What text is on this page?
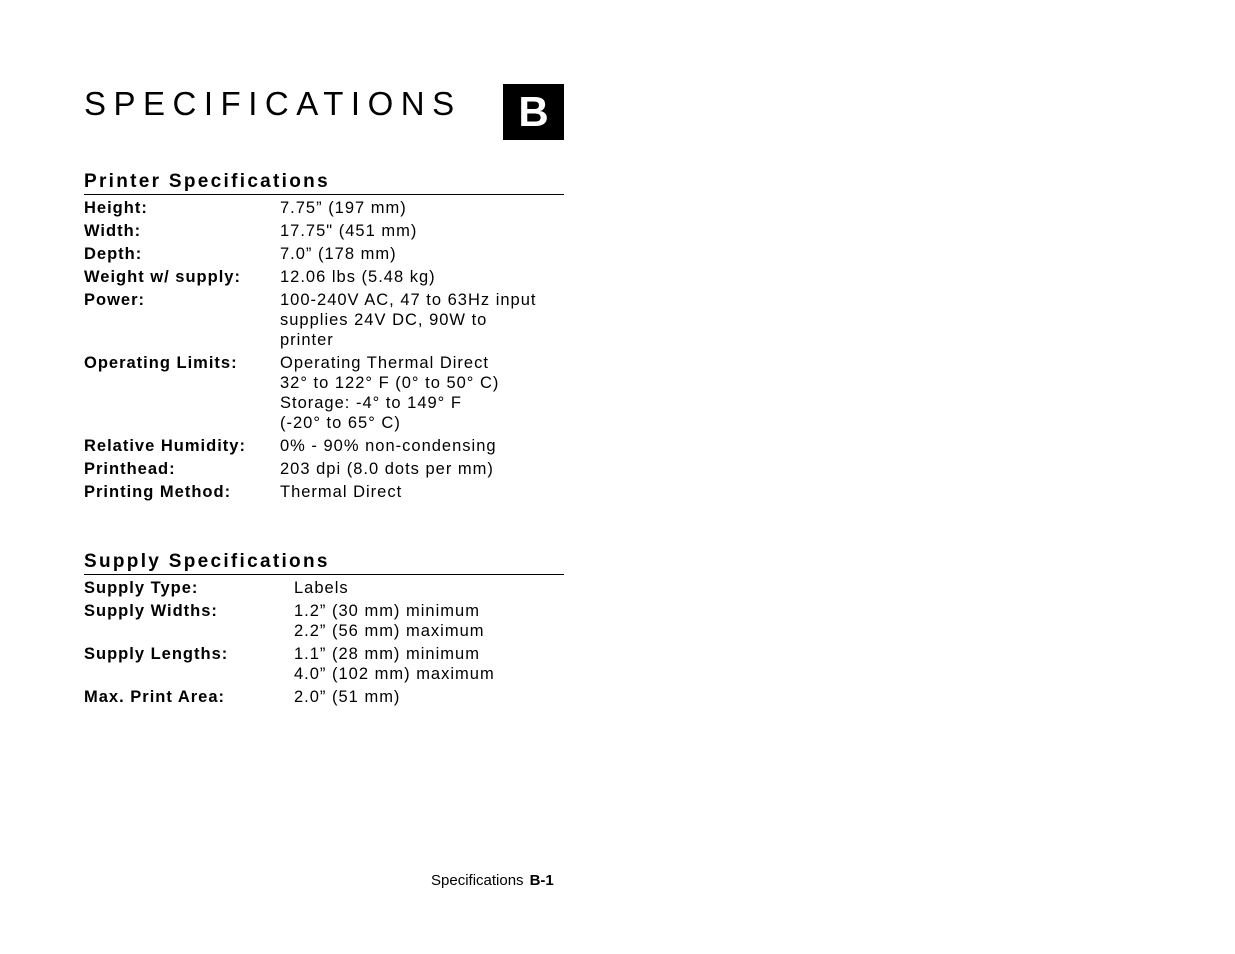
SPECIFICATIONS B
Printer Specifications
Height:	7.75” (197 mm)

Width:	17.75" (451 mm)

Depth:	7.0” (178 mm)

Weight w/ supply:	12.06 lbs (5.48 kg)

Power:	100-240V AC, 47 to 63Hz input
supplies 24V DC, 90W to
printer

Operating Limits:	Operating Thermal Direct
32° to 122° F (0° to 50° C)
Storage: -4° to 149° F
(-20° to 65° C)

Relative Humidity:	0% - 90% non-condensing

Printhead:	203 dpi (8.0 dots per mm)

Printing Method:	Thermal Direct
Supply Specifications
Supply Type:	Labels

Supply Widths:	1.2” (30 mm) minimum
2.2” (56 mm) maximum

Supply Lengths:	1.1” (28 mm) minimum
4.0” (102 mm) maximum

Max. Print Area:	2.0” (51 mm)
Specifications B-1
